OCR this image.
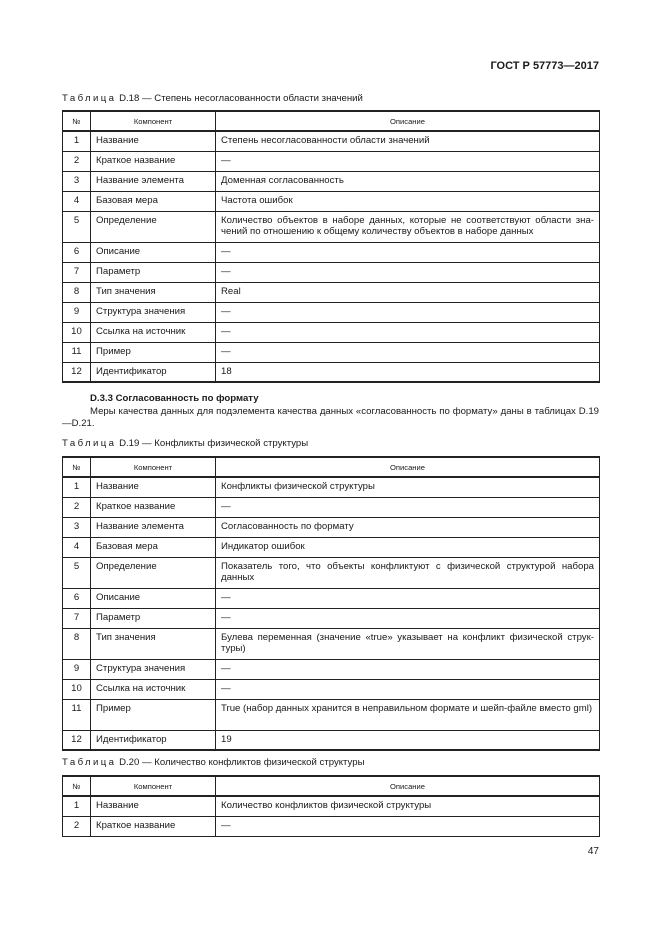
ГОСТ Р 57773—2017
Таблица D.18 — Степень несогласованности области значений
№	Компонент	Описание
1	Название	Степень несогласованности области значений
2	Краткое название	—
3	Название элемента	Доменная согласованность
4	Базовая мера	Частота ошибок
5	Определение	Количество объектов в наборе данных, которые не соответствуют области зна-чений по отношению к общему количеству объектов в наборе данных
6	Описание	—
7	Параметр	—
8	Тип значения	Real
9	Структура значения	—
10	Ссылка на источник	—
11	Пример	—
12	Идентификатор	18
D.3.3 Согласованность по формату
Меры качества данных для подэлемента качества данных «согласованность по формату» даны в таблицах D.19—D.21.
Таблица D.19 — Конфликты физической структуры
№	Компонент	Описание
1	Название	Конфликты физической структуры
2	Краткое название	—
3	Название элемента	Согласованность по формату
4	Базовая мера	Индикатор ошибок
5	Определение	Показатель того, что объекты конфликтуют с физической структурой набора данных
6	Описание	—
7	Параметр	—
8	Тип значения	Булева переменная (значение «true» указывает на конфликт физической струк-туры)
9	Структура значения	—
10	Ссылка на источник	—
11	Пример	True (набор данных хранится в неправильном формате и шейп-файле вместо gml)
12	Идентификатор	19
Таблица D.20 — Количество конфликтов физической структуры
№	Компонент	Описание
1	Название	Количество конфликтов физической структуры
2	Краткое название	—
47
